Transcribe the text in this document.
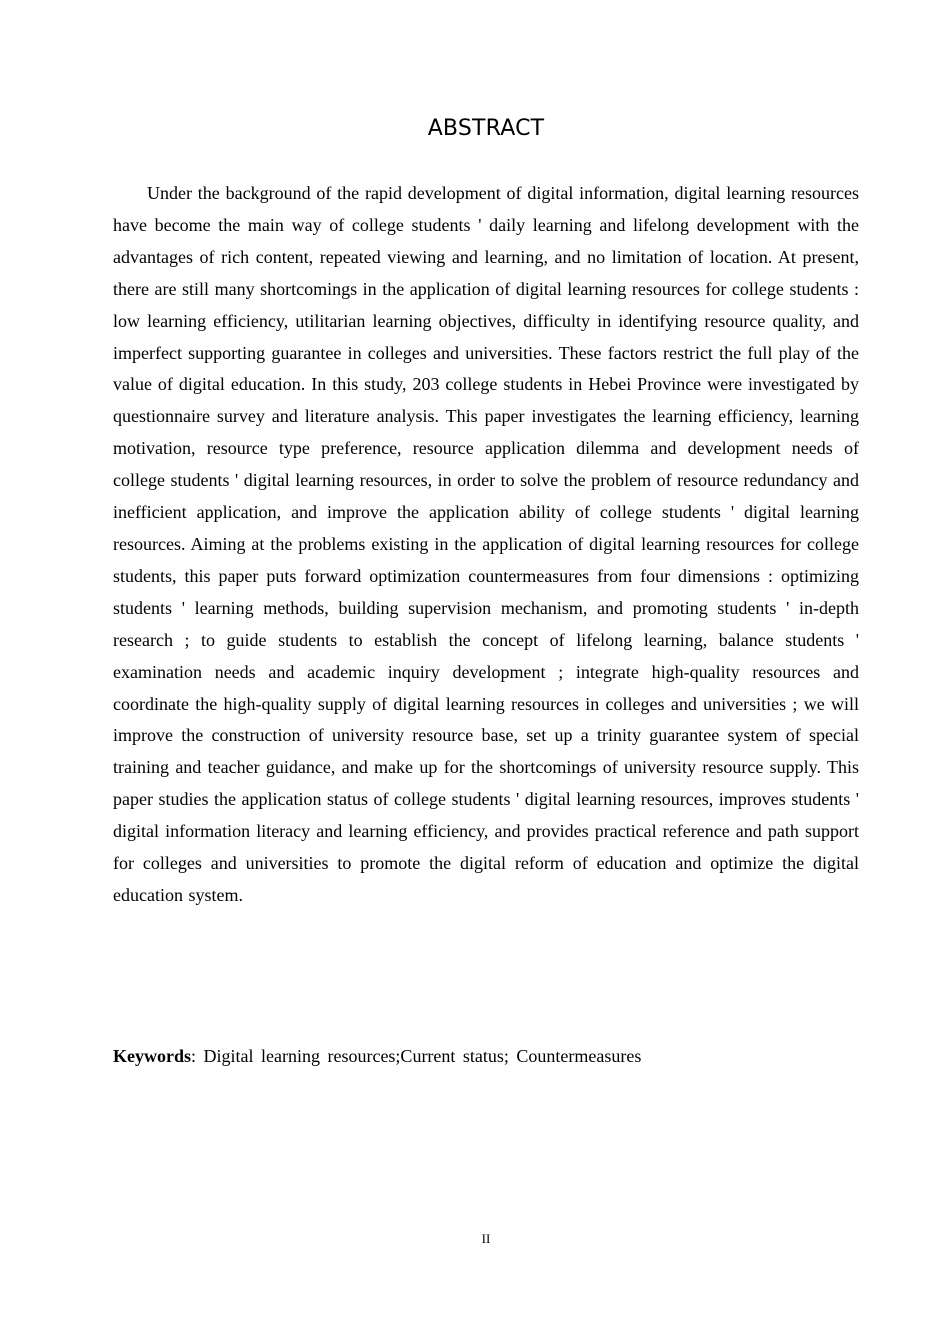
ABSTRACT

Under the background of the rapid development of digital information, digital learning resources have become the main way of college students ' daily learning and lifelong development with the advantages of rich content, repeated viewing and learning, and no limitation of location. At present, there are still many shortcomings in the application of digital learning resources for college students : low learning efficiency, utilitarian learning objectives, difficulty in identifying resource quality, and imperfect supporting guarantee in colleges and universities. These factors restrict the full play of the value of digital education. In this study, 203 college students in Hebei Province were investigated by questionnaire survey and literature analysis. This paper investigates the learning efficiency, learning motivation, resource type preference, resource application dilemma and development needs of college students ' digital learning resources, in order to solve the problem of resource redundancy and inefficient application, and improve the application ability of college students ' digital learning resources. Aiming at the problems existing in the application of digital learning resources for college students, this paper puts forward optimization countermeasures from four dimensions : optimizing students ' learning methods, building supervision mechanism, and promoting students ' in-depth research ; to guide students to establish the concept of lifelong learning, balance students ' examination needs and academic inquiry development ; integrate high-quality resources and coordinate the high-quality supply of digital learning resources in colleges and universities ; we will improve the construction of university resource base, set up a trinity guarantee system of special training and teacher guidance, and make up for the shortcomings of university resource supply. This paper studies the application status of college students ' digital learning resources, improves students ' digital information literacy and learning efficiency, and provides practical reference and path support for colleges and universities to promote the digital reform of education and optimize the digital education system.

Keywords: Digital learning resources;Current status; Countermeasures
II
